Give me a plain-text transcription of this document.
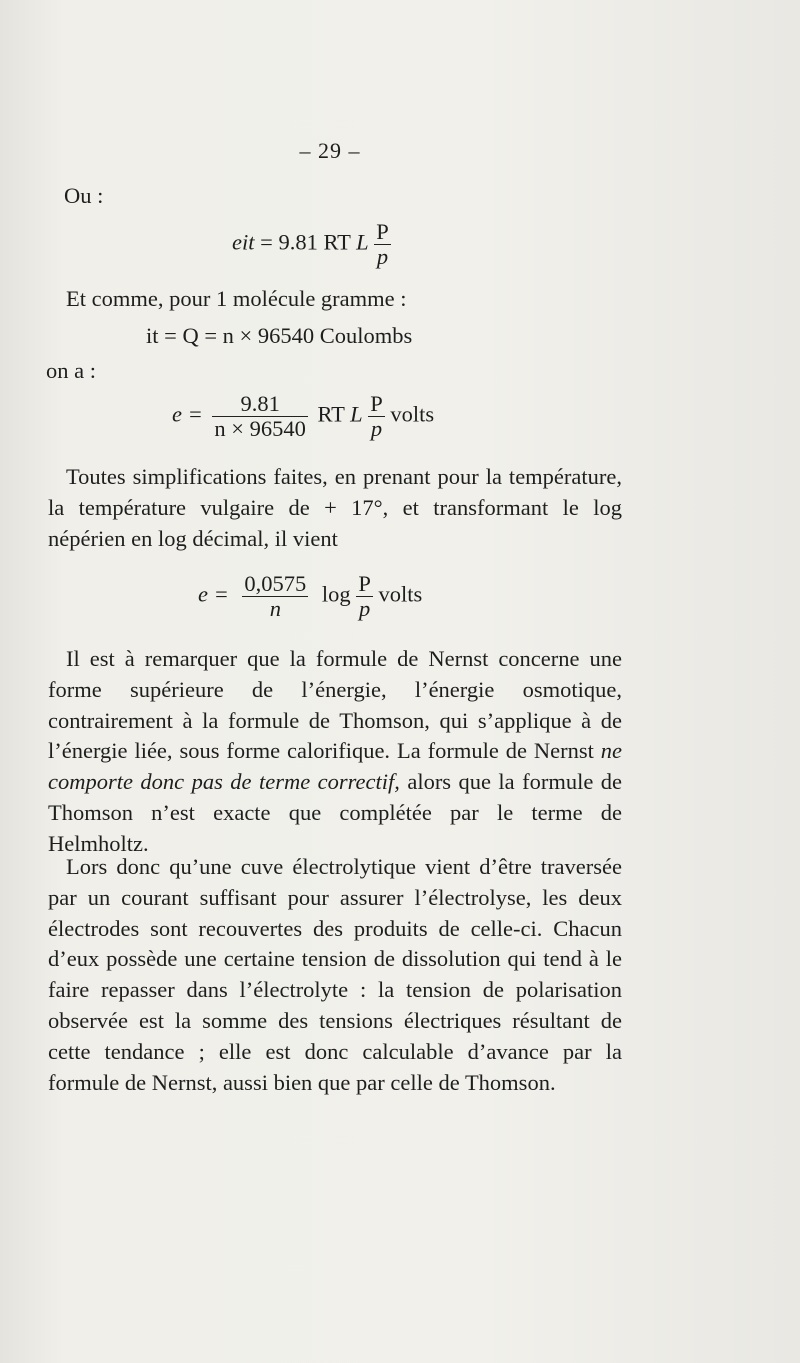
– 29 –
Ou :
eit = 9.81 RT L $\frac{P}{p}$
Et comme, pour 1 molécule gramme :
it = Q = n × 96540 Coulombs
on a :
$e = \frac{9.81}{n \times 96540}$ RT L $\frac{P}{p}$ volts

Toutes simplifications faites, en prenant pour la température, la température vulgaire de + 17°, et transformant le log népérien en log décimal, il vient

$e = \frac{0,0575}{n}$ $\log \frac{P}{p}$ volts

Il est à remarquer que la formule de Nernst concerne une forme supérieure de l’énergie, l’énergie osmotique, contrairement à la formule de Thomson, qui s’applique à de l’énergie liée, sous forme calorifique. La formule de Nernst ne comporte donc pas de terme correctif, alors que la formule de Thomson n’est exacte que complétée par le terme de Helmholtz.

Lors donc qu’une cuve électrolytique vient d’être traversée par un courant suffisant pour assurer l’électrolyse, les deux électrodes sont recouvertes des produits de celle-ci. Chacun d’eux possède une certaine tension de dissolution qui tend à le faire repasser dans l’électrolyte : la tension de polarisation observée est la somme des tensions électriques résultant de cette tendance ; elle est donc calculable d’avance par la formule de Nernst, aussi bien que par celle de Thomson.
